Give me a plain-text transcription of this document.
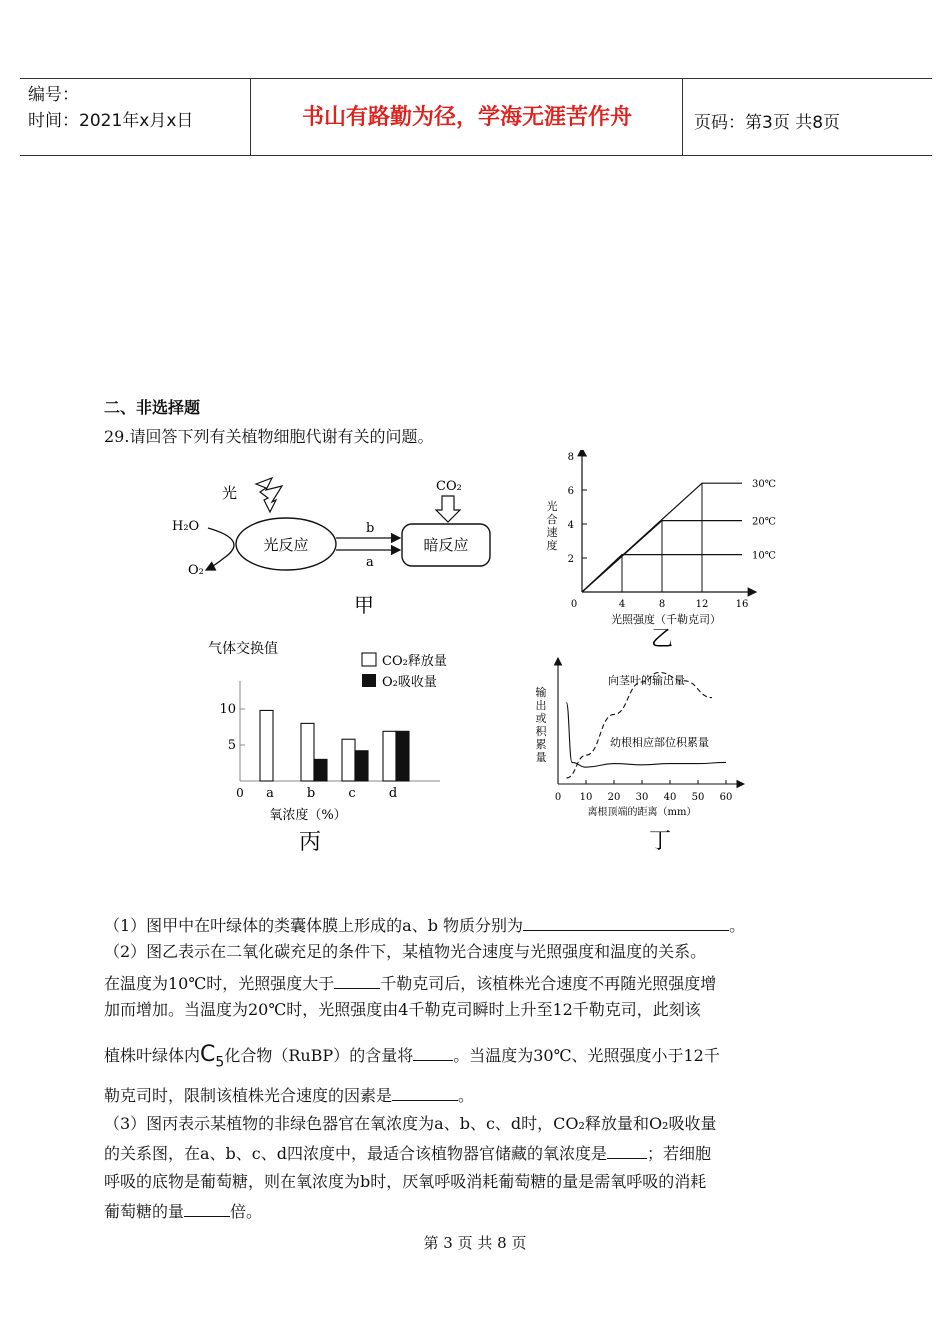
编号：
时间：2021年x月x日	书山有路勤为径，学海无涯苦作舟	页码：第3页 共8页
二、非选择题
29.请回答下列有关植物细胞代谢有关的问题。
光
H₂O
O₂
光反应
b
a
暗反应
CO₂
甲
2
4
6
8
0	4	8	12	16
30℃
20℃
10℃
光
合
速
度
光照强度（千勒克司）
乙
5
10
0 a	b	c	d
气体交换值
CO₂释放量
O₂吸收量
氧浓度（%）
丙
0 10 20 30 40 50 60
向茎叶的输出量
幼根相应部位积累量
输
出
或
积
累
量
离根顶端的距离（mm）
丁
（1）图甲中在叶绿体的类囊体膜上形成的a、b 物质分别为	。
（2）图乙表示在二氧化碳充足的条件下，某植物光合速度与光照强度和温度的关系。
在温度为10℃时，光照强度大于	千勒克司后，该植株光合速度不再随光照强度增
加而增加。当温度为20℃时，光照强度由4千勒克司瞬时上升至12千勒克司，此刻该
植株叶绿体内$C_5$化合物（RuBP）的含量将	。当温度为30℃、光照强度小于12千
勒克司时，限制该植株光合速度的因素是	。
（3）图丙表示某植物的非绿色器官在氧浓度为a、b、c、d时，CO₂释放量和O₂吸收量
的关系图，在a、b、c、d四浓度中，最适合该植物器官储藏的氧浓度是	；若细胞
呼吸的底物是葡萄糖，则在氧浓度为b时，厌氧呼吸消耗葡萄糖的量是需氧呼吸的消耗
葡萄糖的量	倍。
第 3 页 共 8 页
